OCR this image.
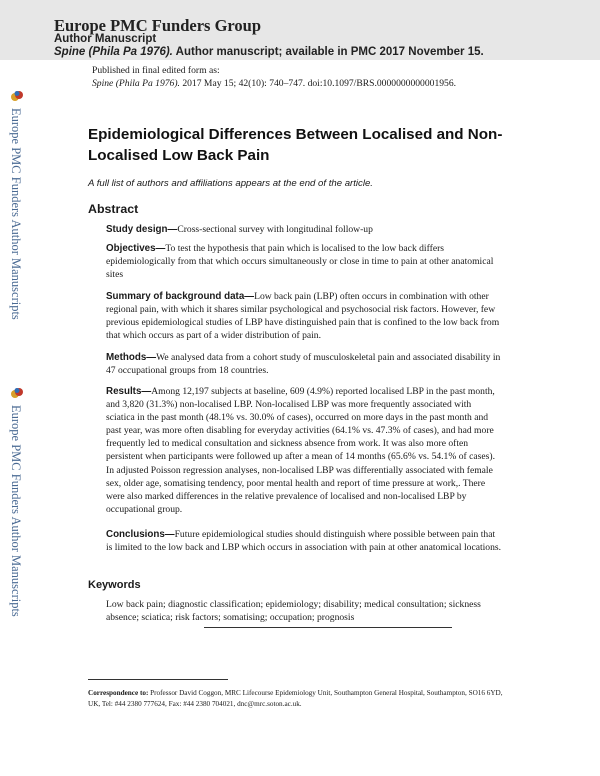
Europe PMC Funders Group
Author Manuscript
Spine (Phila Pa 1976). Author manuscript; available in PMC 2017 November 15.
Published in final edited form as:
Spine (Phila Pa 1976). 2017 May 15; 42(10): 740–747. doi:10.1097/BRS.0000000000001956.
Europe PMC Funders Author Manuscripts
Europe PMC Funders Author Manuscripts
Epidemiological Differences Between Localised and Non-Localised Low Back Pain
A full list of authors and affiliations appears at the end of the article.
Abstract
Study design—Cross-sectional survey with longitudinal follow-up
Objectives—To test the hypothesis that pain which is localised to the low back differs epidemiologically from that which occurs simultaneously or close in time to pain at other anatomical sites
Summary of background data—Low back pain (LBP) often occurs in combination with other regional pain, with which it shares similar psychological and psychosocial risk factors. However, few previous epidemiological studies of LBP have distinguished pain that is confined to the low back from that which occurs as part of a wider distribution of pain.
Methods—We analysed data from a cohort study of musculoskeletal pain and associated disability in 47 occupational groups from 18 countries.
Results—Among 12,197 subjects at baseline, 609 (4.9%) reported localised LBP in the past month, and 3,820 (31.3%) non-localised LBP. Non-localised LBP was more frequently associated with sciatica in the past month (48.1% vs. 30.0% of cases), occurred on more days in the past month and past year, was more often disabling for everyday activities (64.1% vs. 47.3% of cases), and had more frequently led to medical consultation and sickness absence from work. It was also more often persistent when participants were followed up after a mean of 14 months (65.6% vs. 54.1% of cases). In adjusted Poisson regression analyses, non-localised LBP was differentially associated with female sex, older age, somatising tendency, poor mental health and report of time pressure at work,. There were also marked differences in the relative prevalence of localised and non-localised LBP by occupational group.
Conclusions—Future epidemiological studies should distinguish where possible between pain that is limited to the low back and LBP which occurs in association with pain at other anatomical locations.
Keywords
Low back pain; diagnostic classification; epidemiology; disability; medical consultation; sickness absence; sciatica; risk factors; somatising; occupation; prognosis
Correspondence to: Professor David Coggon, MRC Lifecourse Epidemiology Unit, Southampton General Hospital, Southampton, SO16 6YD, UK, Tel: #44 2380 777624, Fax: #44 2380 704021, dnc@mrc.soton.ac.uk.
